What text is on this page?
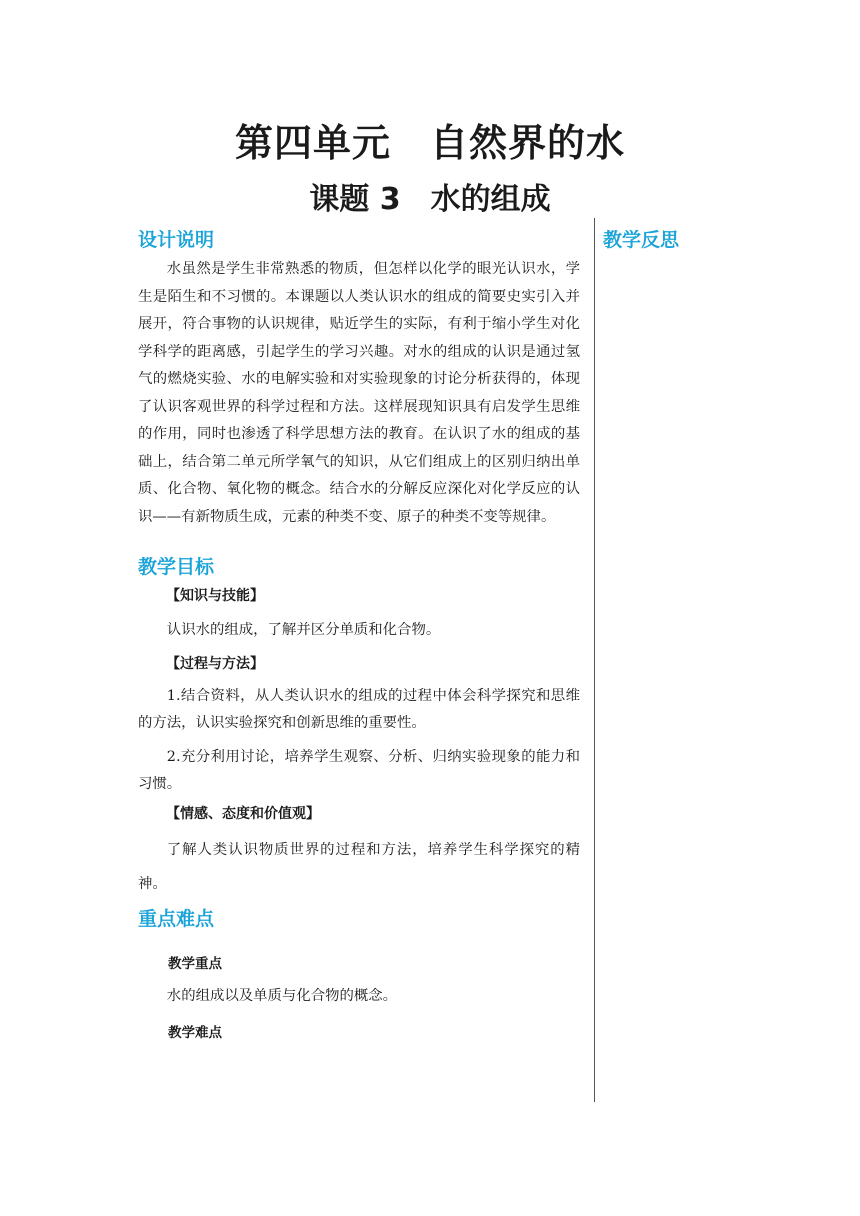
第四单元　自然界的水
课题 3　水的组成
设计说明

水虽然是学生非常熟悉的物质，但怎样以化学的眼光认识水，学生是陌生和不习惯的。本课题以人类认识水的组成的简要史实引入并展开，符合事物的认识规律，贴近学生的实际，有利于缩小学生对化学科学的距离感，引起学生的学习兴趣。对水的组成的认识是通过氢气的燃烧实验、水的电解实验和对实验现象的讨论分析获得的，体现了认识客观世界的科学过程和方法。这样展现知识具有启发学生思维的作用，同时也渗透了科学思想方法的教育。在认识了水的组成的基础上，结合第二单元所学氧气的知识，从它们组成上的区别归纳出单质、化合物、氧化物的概念。结合水的分解反应深化对化学反应的认识——有新物质生成，元素的种类不变、原子的种类不变等规律。

教学目标

【知识与技能】

认识水的组成，了解并区分单质和化合物。

【过程与方法】

1.结合资料，从人类认识水的组成的过程中体会科学探究和思维的方法，认识实验探究和创新思维的重要性。

2.充分利用讨论，培养学生观察、分析、归纳实验现象的能力和习惯。

【情感、态度和价值观】

了解人类认识物质世界的过程和方法，培养学生科学探究的精神。

重点难点

教学重点

水的组成以及单质与化合物的概念。

教学难点

教学反思
